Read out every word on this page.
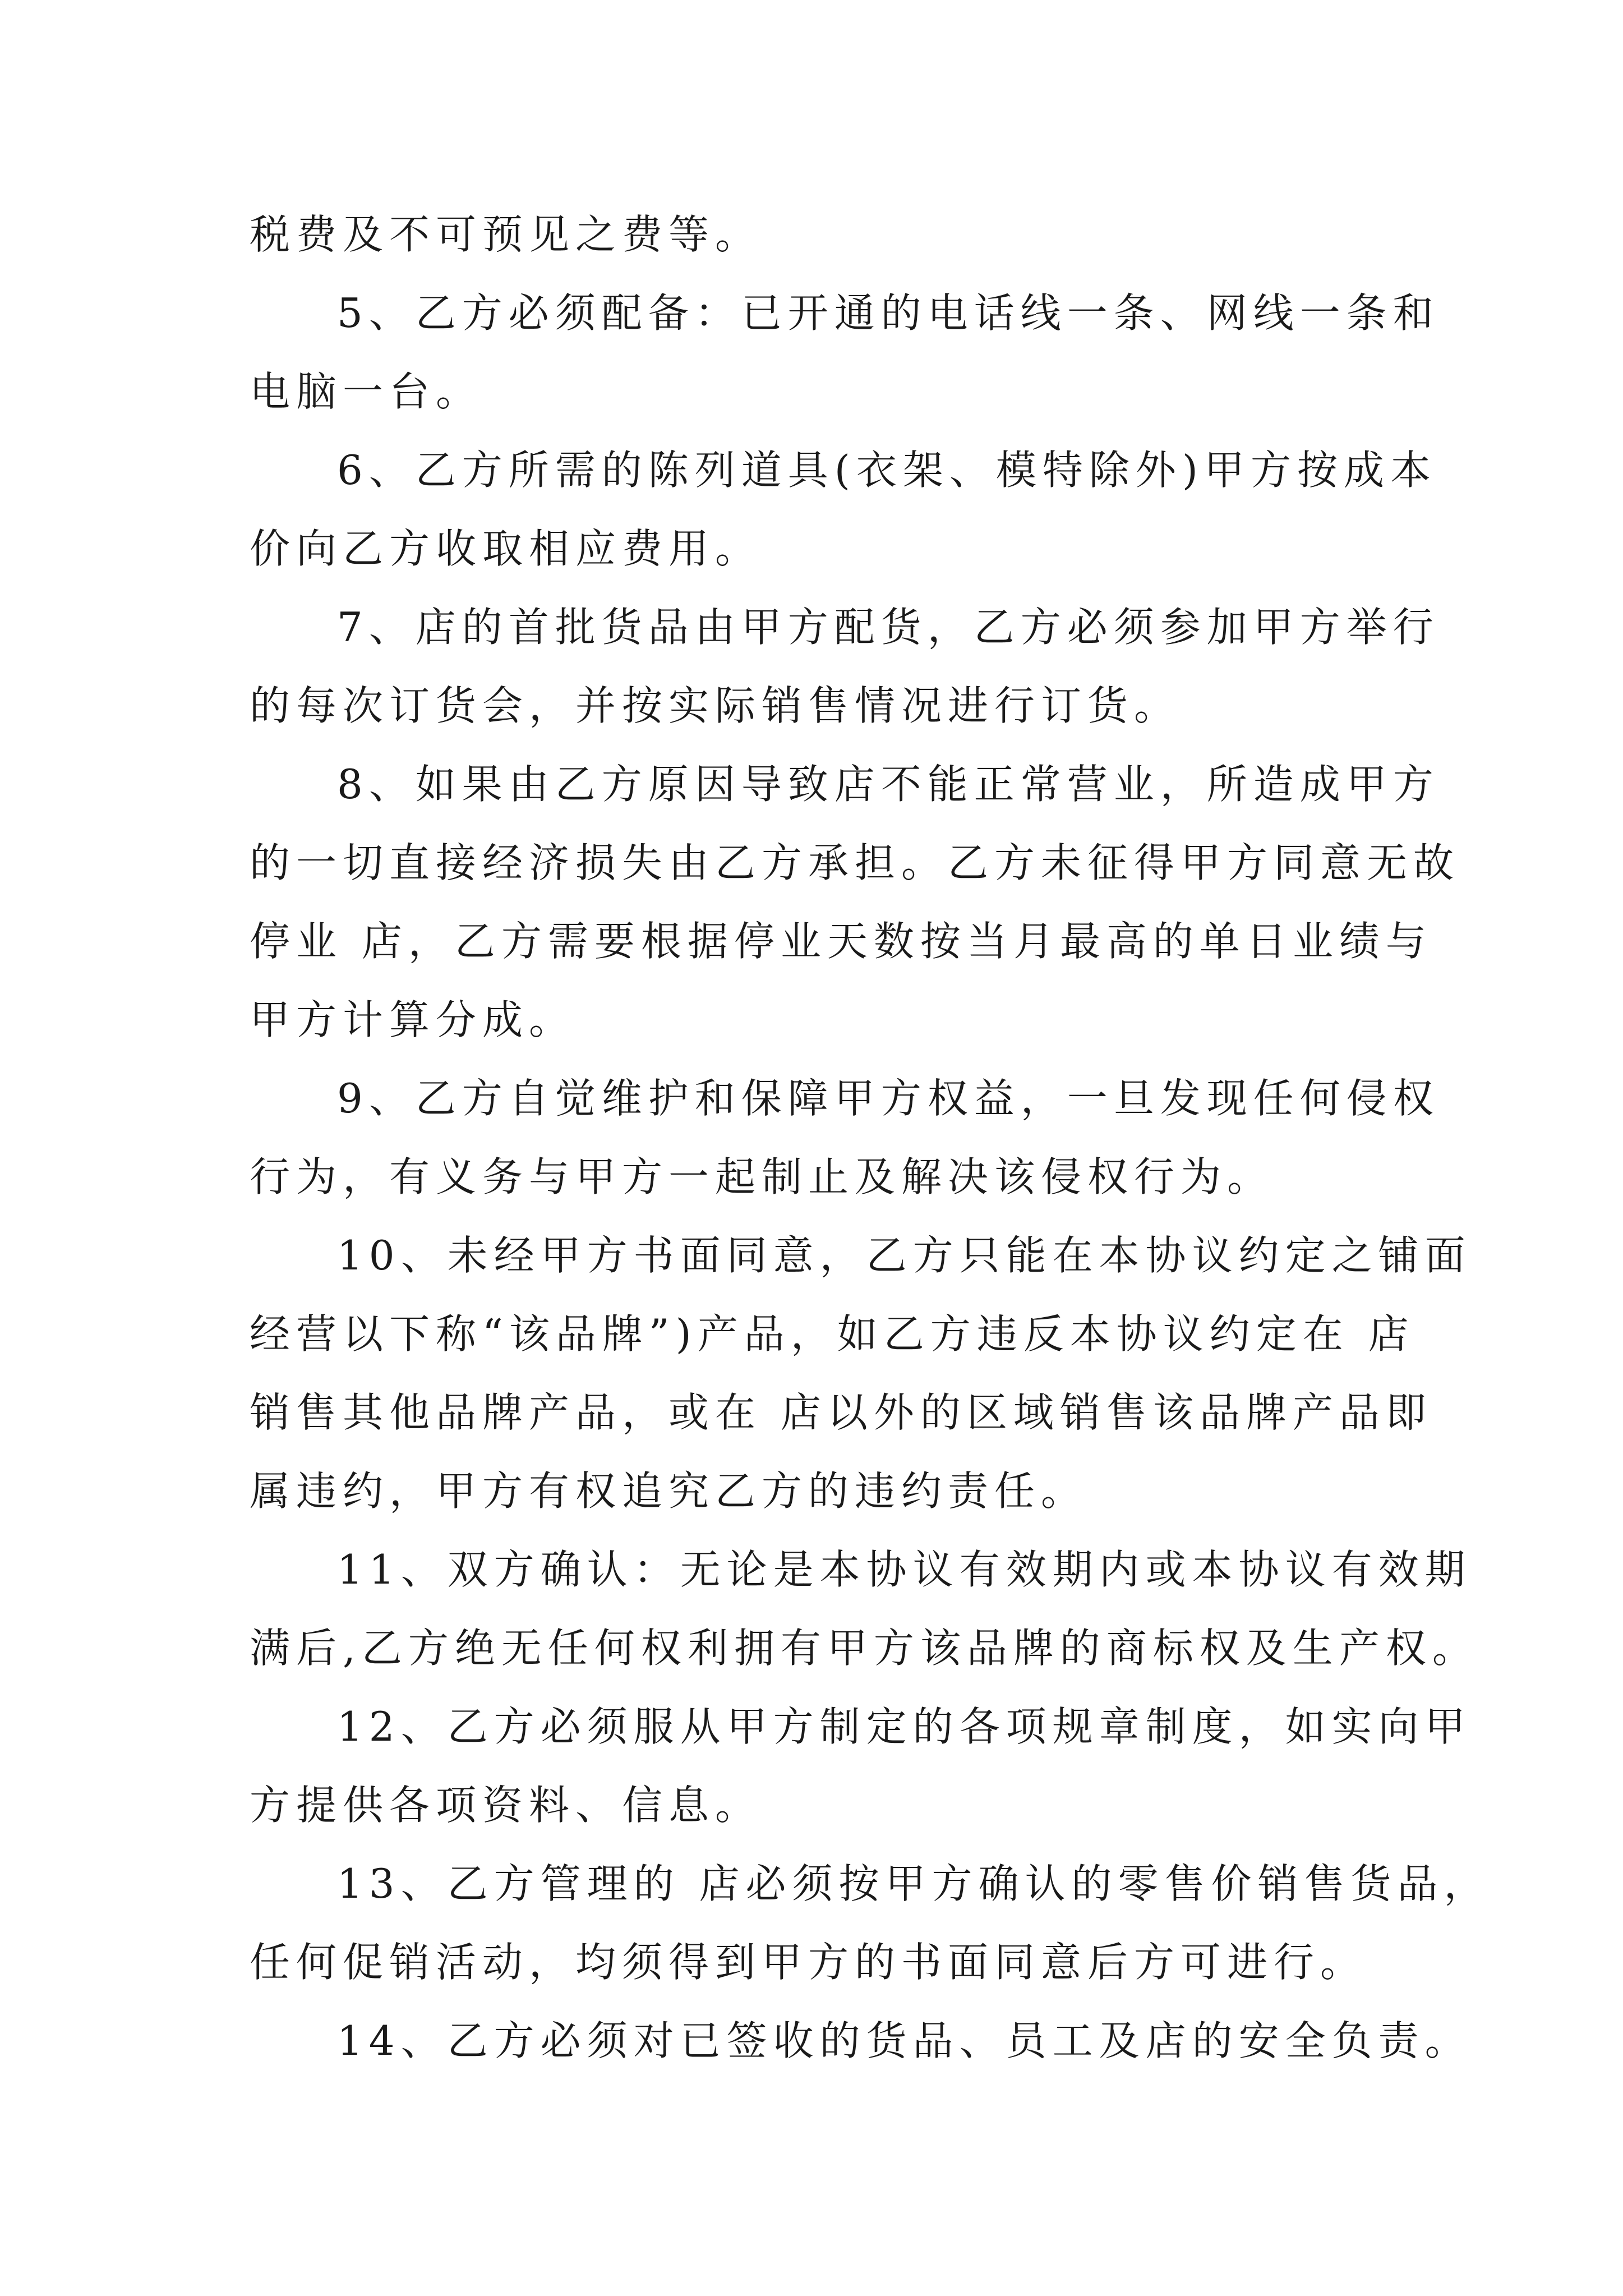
税费及不可预见之费等。
5、乙方必须配备：已开通的电话线一条、网线一条和
电脑一台。
6、乙方所需的陈列道具(衣架、模特除外)甲方按成本
价向乙方收取相应费用。
7、店的首批货品由甲方配货，乙方必须参加甲方举行
的每次订货会，并按实际销售情况进行订货。
8、如果由乙方原因导致店不能正常营业，所造成甲方
的一切直接经济损失由乙方承担。乙方未征得甲方同意无故
停业 店，乙方需要根据停业天数按当月最高的单日业绩与
甲方计算分成。
9、乙方自觉维护和保障甲方权益，一旦发现任何侵权
行为，有义务与甲方一起制止及解决该侵权行为。
10、未经甲方书面同意，乙方只能在本协议约定之铺面
经营以下称“该品牌”)产品，如乙方违反本协议约定在 店
销售其他品牌产品，或在 店以外的区域销售该品牌产品即
属违约，甲方有权追究乙方的违约责任。
11、双方确认：无论是本协议有效期内或本协议有效期
满后,乙方绝无任何权利拥有甲方该品牌的商标权及生产权。
12、乙方必须服从甲方制定的各项规章制度，如实向甲
方提供各项资料、信息。
13、乙方管理的 店必须按甲方确认的零售价销售货品，
任何促销活动，均须得到甲方的书面同意后方可进行。
14、乙方必须对已签收的货品、员工及店的安全负责。
